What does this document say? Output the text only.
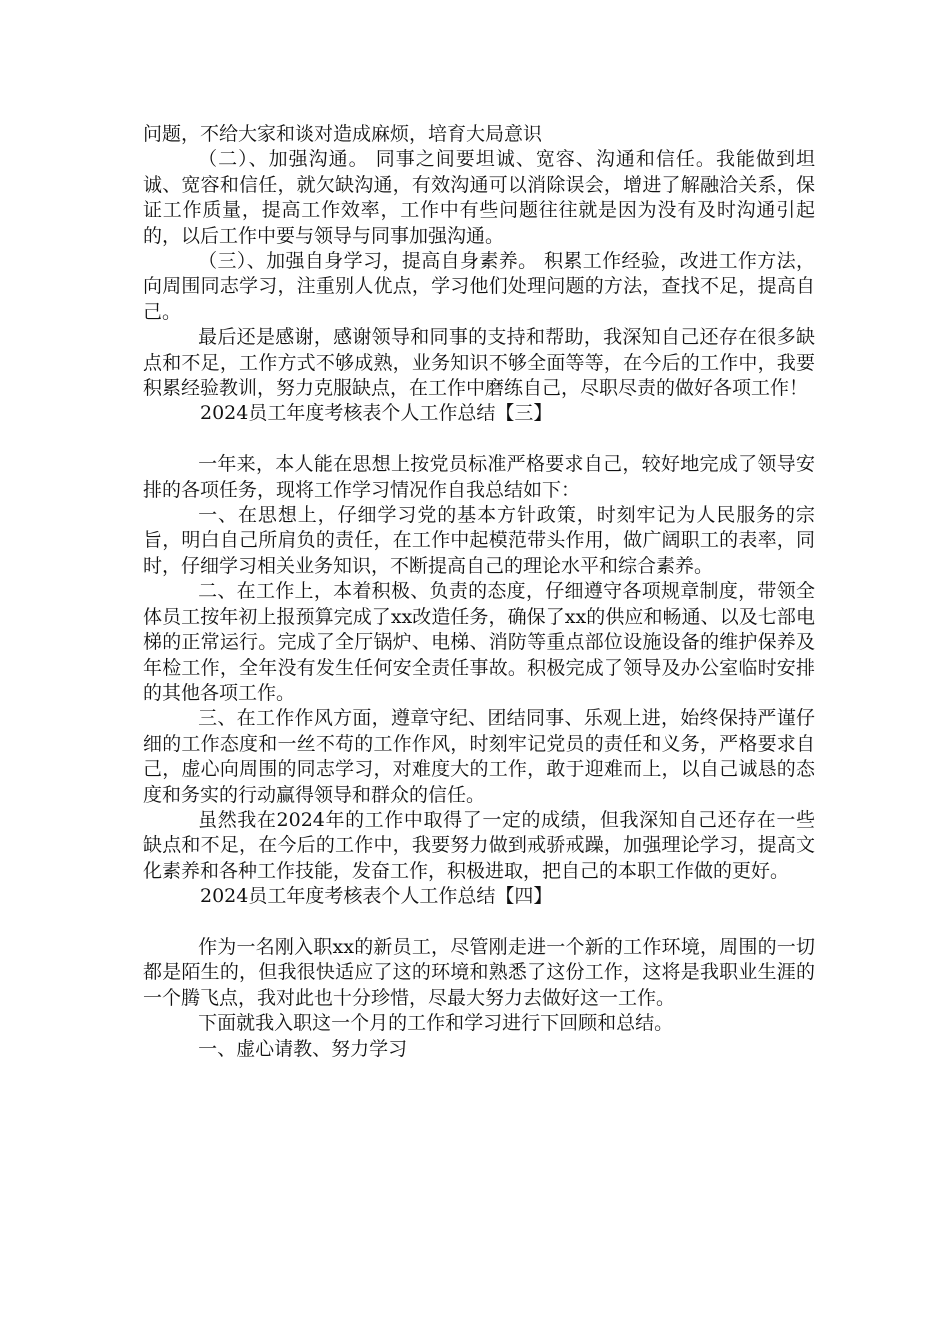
问题，不给大家和谈对造成麻烦，培育大局意识

（二）、加强沟通。 同事之间要坦诚、宽容、沟通和信任。我能做到坦诚、宽容和信任，就欠缺沟通，有效沟通可以消除误会，增进了解融洽关系，保证工作质量，提高工作效率，工作中有些问题往往就是因为没有及时沟通引起的，以后工作中要与领导与同事加强沟通。

（三）、加强自身学习，提高自身素养。 积累工作经验，改进工作方法，向周围同志学习，注重别人优点，学习他们处理问题的方法，查找不足，提高自己。

最后还是感谢，感谢领导和同事的支持和帮助，我深知自己还存在很多缺点和不足，工作方式不够成熟，业务知识不够全面等等，在今后的工作中，我要积累经验教训，努力克服缺点，在工作中磨练自己，尽职尽责的做好各项工作！

2024员工年度考核表个人工作总结【三】

一年来，本人能在思想上按党员标准严格要求自己，较好地完成了领导安排的各项任务，现将工作学习情况作自我总结如下：

一、在思想上，仔细学习党的基本方针政策，时刻牢记为人民服务的宗旨，明白自己所肩负的责任，在工作中起模范带头作用，做广阔职工的表率，同时，仔细学习相关业务知识，不断提高自己的理论水平和综合素养。

二、在工作上，本着积极、负责的态度，仔细遵守各项规章制度，带领全体员工按年初上报预算完成了xx改造任务，确保了xx的供应和畅通、以及七部电梯的正常运行。完成了全厅锅炉、电梯、消防等重点部位设施设备的维护保养及年检工作，全年没有发生任何安全责任事故。积极完成了领导及办公室临时安排的其他各项工作。

三、在工作作风方面，遵章守纪、团结同事、乐观上进，始终保持严谨仔细的工作态度和一丝不苟的工作作风，时刻牢记党员的责任和义务，严格要求自己，虚心向周围的同志学习，对难度大的工作，敢于迎难而上，以自己诚恳的态度和务实的行动赢得领导和群众的信任。

虽然我在2024年的工作中取得了一定的成绩，但我深知自己还存在一些缺点和不足，在今后的工作中，我要努力做到戒骄戒躁，加强理论学习，提高文化素养和各种工作技能，发奋工作，积极进取，把自己的本职工作做的更好。

2024员工年度考核表个人工作总结【四】

作为一名刚入职xx的新员工，尽管刚走进一个新的工作环境，周围的一切都是陌生的，但我很快适应了这的环境和熟悉了这份工作，这将是我职业生涯的一个腾飞点，我对此也十分珍惜，尽最大努力去做好这一工作。

下面就我入职这一个月的工作和学习进行下回顾和总结。

一、虚心请教、努力学习
